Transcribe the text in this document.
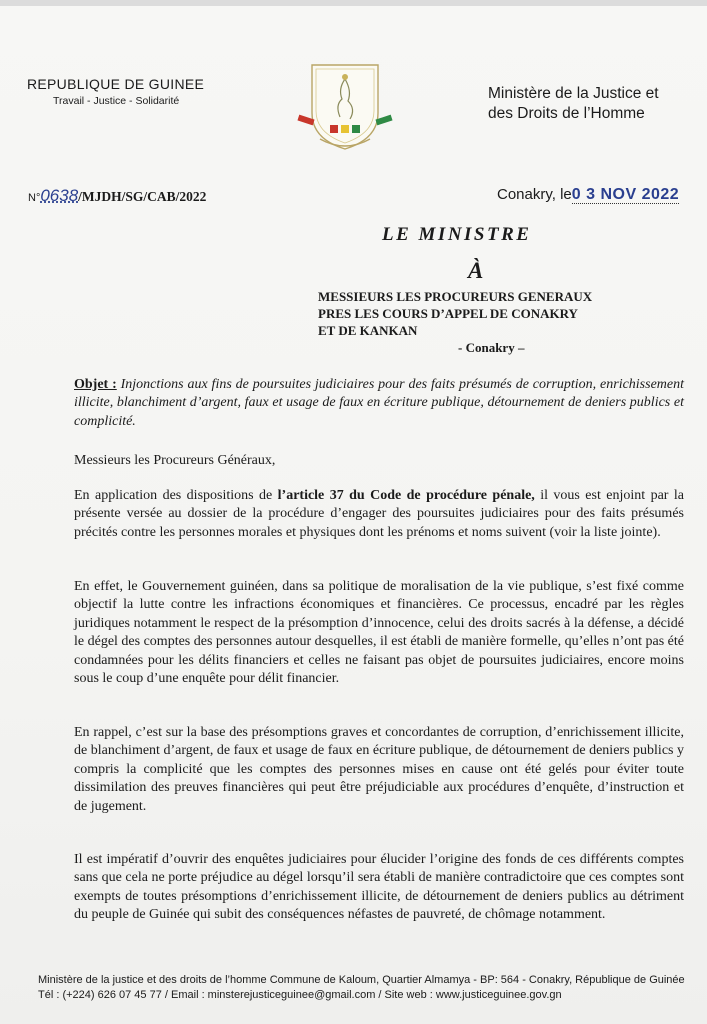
REPUBLIQUE DE GUINEE
Travail - Justice - Solidarité	Ministère de la Justice et
des Droits de l’Homme
N°0638/MJDH/SG/CAB/2022	Conakry, le0 3 NOV 2022
LE MINISTRE
À
MESSIEURS LES PROCUREURS GENERAUX
PRES LES COURS D’APPEL DE CONAKRY
ET DE KANKAN
- Conakry –
Objet : Injonctions aux fins de poursuites judiciaires pour des faits présumés de corruption, enrichissement illicite, blanchiment d’argent, faux et usage de faux en écriture publique, détournement de deniers publics et complicité.
Messieurs les Procureurs Généraux,
En application des dispositions de l’article 37 du Code de procédure pénale, il vous est enjoint par la présente versée au dossier de la procédure d’engager des poursuites judiciaires pour des faits présumés précités contre les personnes morales et physiques dont les prénoms et noms suivent (voir la liste jointe).
En effet, le Gouvernement guinéen, dans sa politique de moralisation de la vie publique, s’est fixé comme objectif la lutte contre les infractions économiques et financières. Ce processus, encadré par les règles juridiques notamment le respect de la présomption d’innocence, celui des droits sacrés à la défense, a décidé le dégel des comptes des personnes autour desquelles, il est établi de manière formelle, qu’elles n’ont pas été condamnées pour les délits financiers et celles ne faisant pas objet de poursuites judiciaires, encore moins sous le coup d’une enquête pour délit financier.
En rappel, c’est sur la base des présomptions graves et concordantes de corruption, d’enrichissement illicite, de blanchiment d’argent, de faux et usage de faux en écriture publique, de détournement de deniers publics y compris la complicité que les comptes des personnes mises en cause ont été gelés pour éviter toute dissimilation des preuves financières qui peut être préjudiciable aux procédures d’enquête, d’instruction et de jugement.
Il est impératif d’ouvrir des enquêtes judiciaires pour élucider l’origine des fonds de ces différents comptes sans que cela ne porte préjudice au dégel lorsqu’il sera établi de manière contradictoire que ces comptes sont exempts de toutes présomptions d’enrichissement illicite, de détournement de deniers publics au détriment du peuple de Guinée qui subit des conséquences néfastes de pauvreté, de chômage notamment.
Ministère de la justice et des droits de l’homme Commune de Kaloum, Quartier Almamya - BP: 564 - Conakry, République de Guinée
Tél : (+224) 626 07 45 77 / Email : minsterejusticeguinee@gmail.com / Site web : www.justiceguinee.gov.gn
